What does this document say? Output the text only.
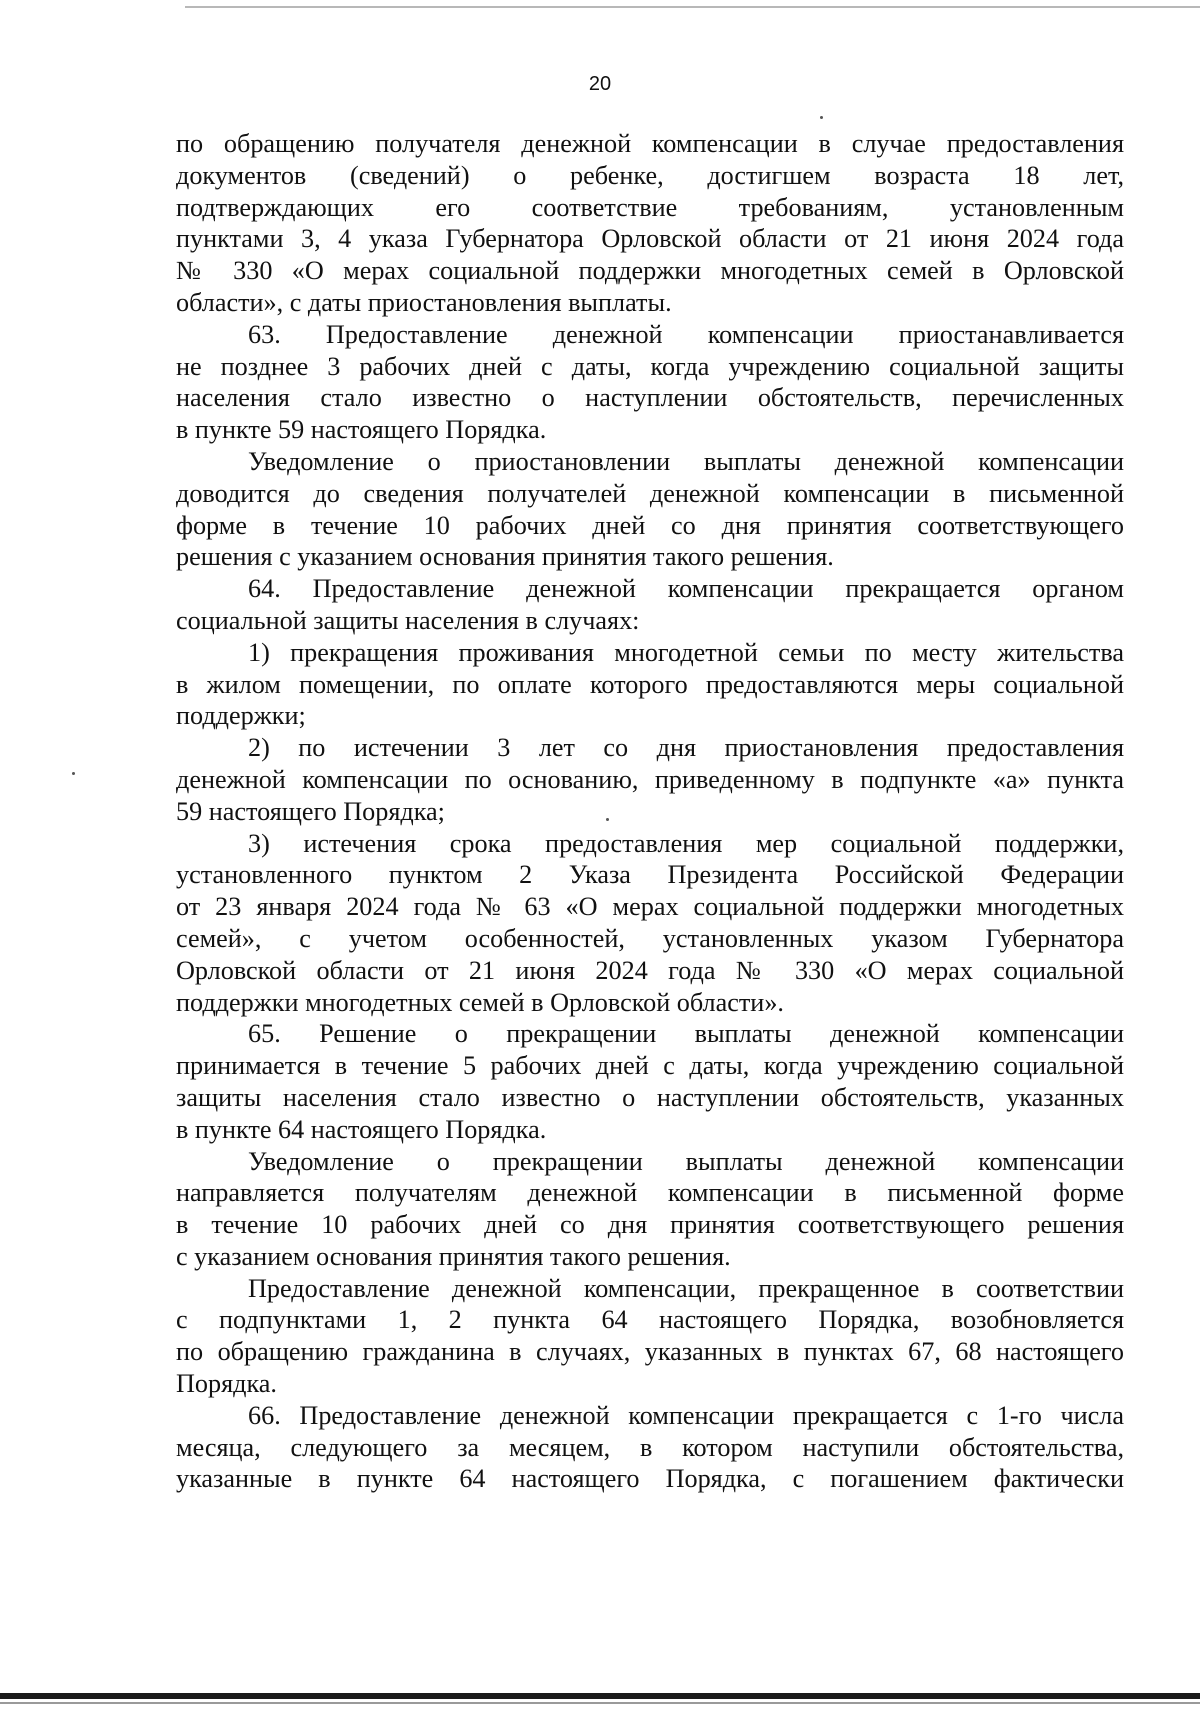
20
по обращению получателя денежной компенсации в случае предоставления
документов (сведений) о ребенке, достигшем возраста 18 лет,
подтверждающих его соответствие требованиям, установленным
пунктами 3, 4 указа Губернатора Орловской области от 21 июня 2024 года
№ 330 «О мерах социальной поддержки многодетных семей в Орловской
области», с даты приостановления выплаты.
63. Предоставление денежной компенсации приостанавливается
не позднее 3 рабочих дней с даты, когда учреждению социальной защиты
населения стало известно о наступлении обстоятельств, перечисленных
в пункте 59 настоящего Порядка.
Уведомление о приостановлении выплаты денежной компенсации
доводится до сведения получателей денежной компенсации в письменной
форме в течение 10 рабочих дней со дня принятия соответствующего
решения с указанием основания принятия такого решения.
64. Предоставление денежной компенсации прекращается органом
социальной защиты населения в случаях:
1) прекращения проживания многодетной семьи по месту жительства
в жилом помещении, по оплате которого предоставляются меры социальной
поддержки;
2) по истечении 3 лет со дня приостановления предоставления
денежной компенсации по основанию, приведенному в подпункте «а» пункта
59 настоящего Порядка;
3) истечения срока предоставления мер социальной поддержки,
установленного пунктом 2 Указа Президента Российской Федерации
от 23 января 2024 года № 63 «О мерах социальной поддержки многодетных
семей», с учетом особенностей, установленных указом Губернатора
Орловской области от 21 июня 2024 года № 330 «О мерах социальной
поддержки многодетных семей в Орловской области».
65. Решение о прекращении выплаты денежной компенсации
принимается в течение 5 рабочих дней с даты, когда учреждению социальной
защиты населения стало известно о наступлении обстоятельств, указанных
в пункте 64 настоящего Порядка.
Уведомление о прекращении выплаты денежной компенсации
направляется получателям денежной компенсации в письменной форме
в течение 10 рабочих дней со дня принятия соответствующего решения
с указанием основания принятия такого решения.
Предоставление денежной компенсации, прекращенное в соответствии
с подпунктами 1, 2 пункта 64 настоящего Порядка, возобновляется
по обращению гражданина в случаях, указанных в пунктах 67, 68 настоящего
Порядка.
66. Предоставление денежной компенсации прекращается с 1-го числа
месяца, следующего за месяцем, в котором наступили обстоятельства,
указанные в пункте 64 настоящего Порядка, с погашением фактически
